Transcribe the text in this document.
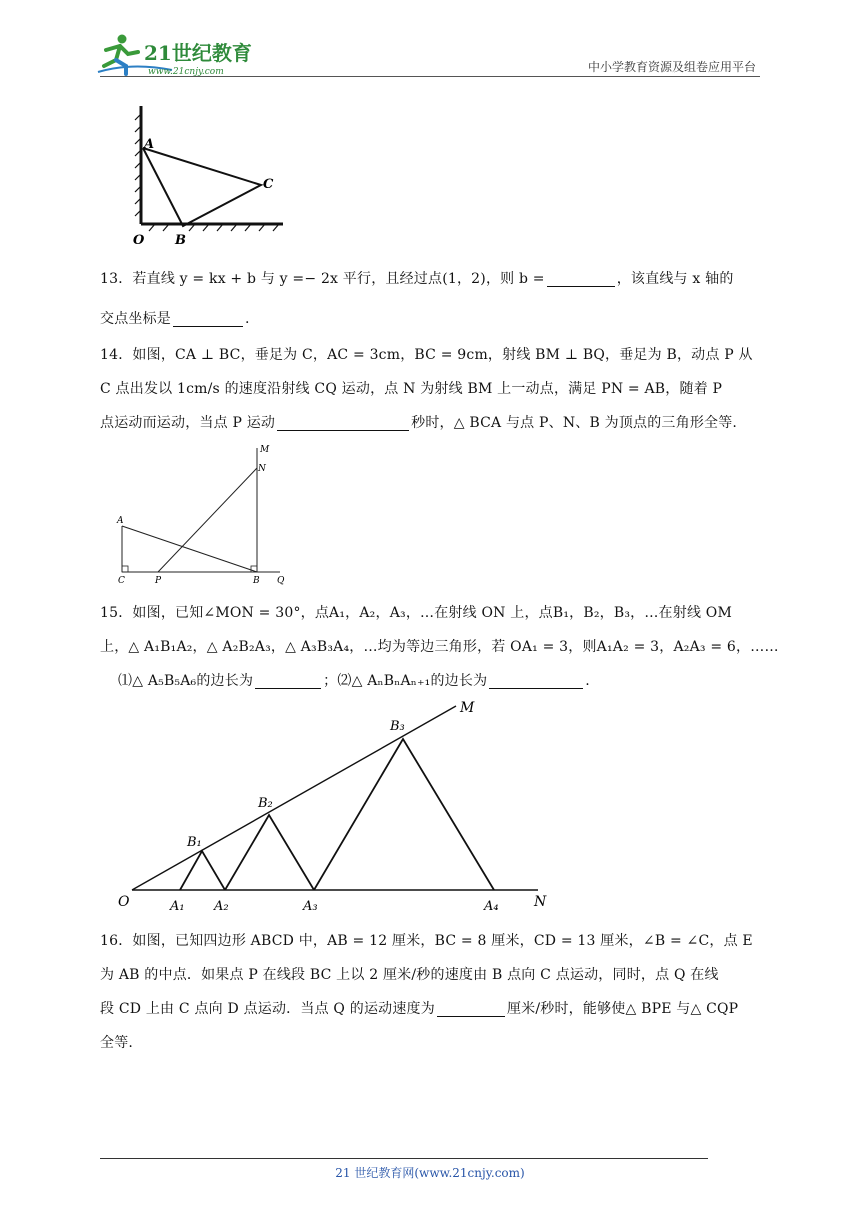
21世纪教育
www.21cnjy.com	中小学教育资源及组卷应用平台
A
C
B
O

13．若直线 y = kx + b 与 y =− 2x 平行，且经过点(1，2)，则 b =	，该直线与 x 轴的

交点坐标是	.

14．如图，CA ⊥ BC，垂足为 C，AC = 3cm，BC = 9cm，射线 BM ⊥ BQ，垂足为 B，动点 P 从

C 点出发以 1cm/s 的速度沿射线 CQ 运动，点 N 为射线 BM 上一动点，满足 PN = AB，随着 P

点运动而运动，当点 P 运动	秒时，△ BCA 与点 P、N、B 为顶点的三角形全等.

M
N
A
C	P	B Q

15．如图，已知∠MON = 30°，点A₁，A₂，A₃，…在射线 ON 上，点B₁，B₂，B₃，…在射线 OM

上，△ A₁B₁A₂，△ A₂B₂A₃，△ A₃B₃A₄，…均为等边三角形，若 OA₁ = 3，则A₁A₂ = 3，A₂A₃ = 6，……

⑴△ A₅B₅A₆的边长为	；⑵△ AₙBₙAₙ₊₁的边长为	.

O
M
N
A₁ A₂	A₃	A₄
B₁
B₂
B₃

16．如图，已知四边形 ABCD 中，AB = 12 厘米，BC = 8 厘米，CD = 13 厘米，∠B = ∠C，点 E

为 AB 的中点．如果点 P 在线段 BC 上以 2 厘米/秒的速度由 B 点向 C 点运动，同时，点 Q 在线

段 CD 上由 C 点向 D 点运动．当点 Q 的运动速度为	厘米/秒时，能够使△ BPE 与△ CQP

全等.

21 世纪教育网(www.21cnjy.com)
